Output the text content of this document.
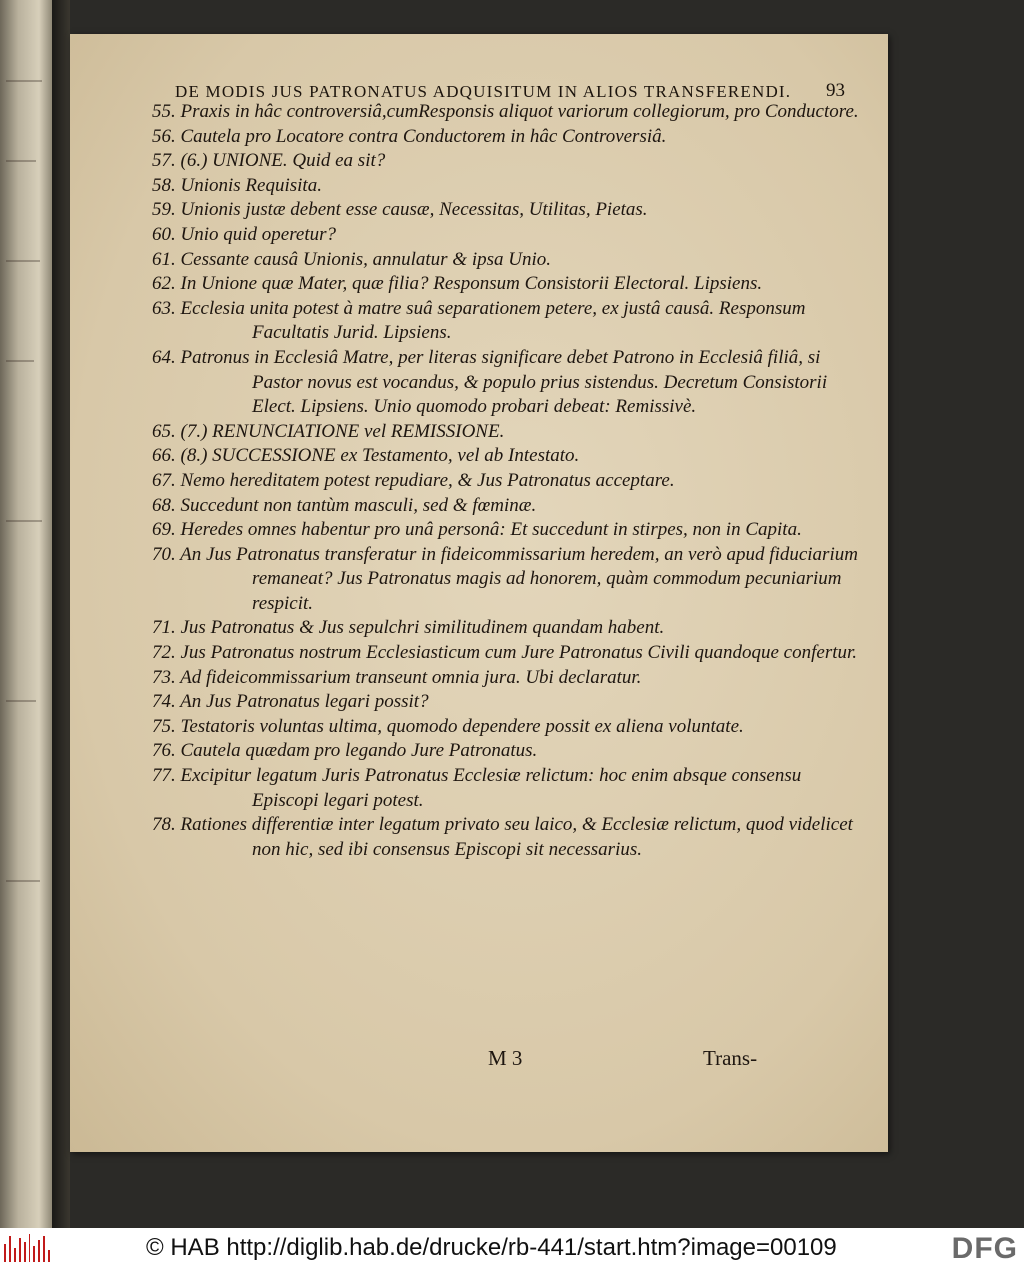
DE MODIS JUS PATRONATUS ADQUISITUM IN ALIOS TRANSFERENDI.	93

55. Praxis in hâc controversiâ,cumResponsis aliquot variorum collegiorum, pro Conductore.

56. Cautela pro Locatore contra Conductorem in hâc Controversiâ.

57. (6.) UNIONE. Quid ea sit?

58. Unionis Requisita.

59. Unionis justæ debent esse causæ, Necessitas, Utilitas, Pietas.

60. Unio quid operetur?

61. Cessante causâ Unionis, annulatur & ipsa Unio.

62. In Unione quæ Mater, quæ filia? Responsum Consistorii Electoral. Lipsiens.

63. Ecclesia unita potest à matre suâ separationem petere, ex justâ causâ. Responsum Facultatis Jurid. Lipsiens.

64. Patronus in Ecclesiâ Matre, per literas significare debet Patrono in Ecclesiâ filiâ, si Pastor novus est vocandus, & populo prius sistendus. Decretum Consistorii Elect. Lipsiens. Unio quomodo probari debeat: Remissivè.

65. (7.) RENUNCIATIONE vel REMISSIONE.

66. (8.) SUCCESSIONE ex Testamento, vel ab Intestato.

67. Nemo hereditatem potest repudiare, & Jus Patronatus acceptare.

68. Succedunt non tantùm masculi, sed & fœminæ.

69. Heredes omnes habentur pro unâ personâ: Et succedunt in stirpes, non in Capita.

70. An Jus Patronatus transferatur in fideicommissarium heredem, an verò apud fiduciarium remaneat? Jus Patronatus magis ad honorem, quàm commodum pecuniarium respicit.

71. Jus Patronatus & Jus sepulchri similitudinem quandam habent.

72. Jus Patronatus nostrum Ecclesiasticum cum Jure Patronatus Civili quandoque confertur.

73. Ad fideicommissarium transeunt omnia jura. Ubi declaratur.

74. An Jus Patronatus legari possit?

75. Testatoris voluntas ultima, quomodo dependere possit ex aliena voluntate.

76. Cautela quædam pro legando Jure Patronatus.

77. Excipitur legatum Juris Patronatus Ecclesiæ relictum: hoc enim absque consensu Episcopi legari potest.

78. Rationes differentiæ inter legatum privato seu laico, & Ecclesiæ relictum, quod videlicet non hic, sed ibi consensus Episcopi sit necessarius.

M 3	Trans-
© HAB http://diglib.hab.de/drucke/rb-441/start.htm?image=00109	DFG
